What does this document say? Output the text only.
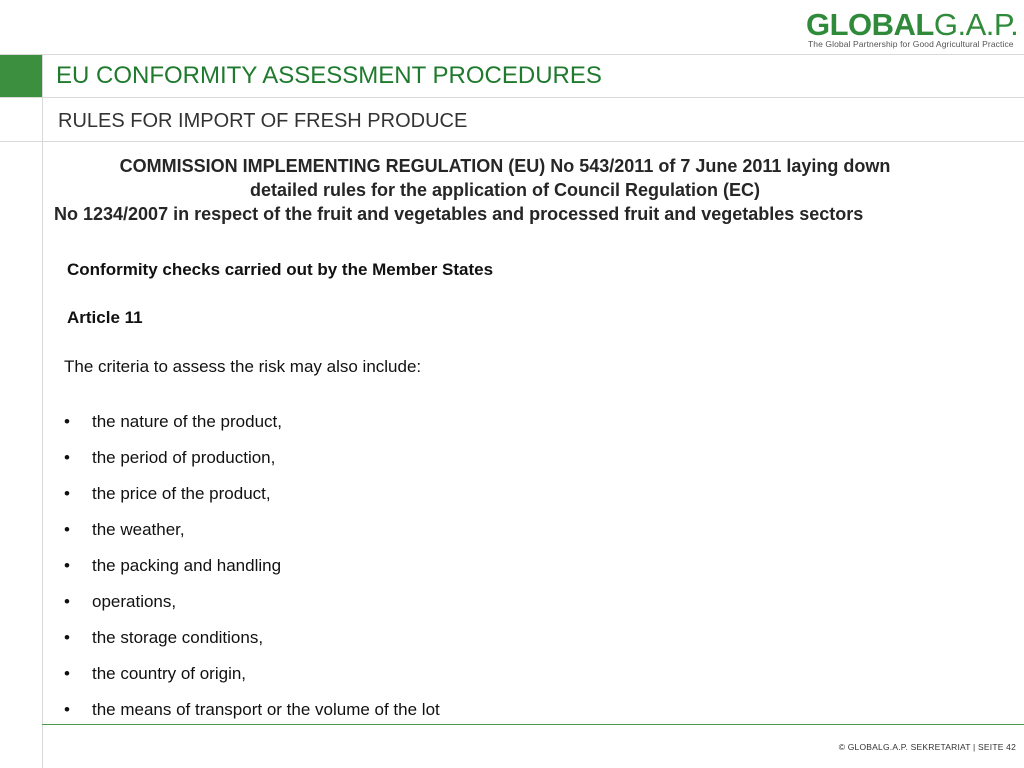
GLOBALG.A.P.
The Global Partnership for Good Agricultural Practice
EU CONFORMITY ASSESSMENT PROCEDURES
RULES FOR IMPORT OF FRESH PRODUCE
COMMISSION IMPLEMENTING REGULATION (EU) No 543/2011 of 7 June 2011 laying down
detailed rules for the application of Council Regulation (EC)
No 1234/2007 in respect of the fruit and vegetables and processed fruit and vegetables sectors
Conformity checks carried out by the Member States
Article 11
The criteria to assess the risk may also include:
•	the nature of the product,
•	the period of production,
•	the price of the product,
•	the weather,
•	the packing and handling
•	operations,
•	the storage conditions,
•	the country of origin,
•	the means of transport or the volume of the lot
© GLOBALG.A.P. SEKRETARIAT | SEITE 42
